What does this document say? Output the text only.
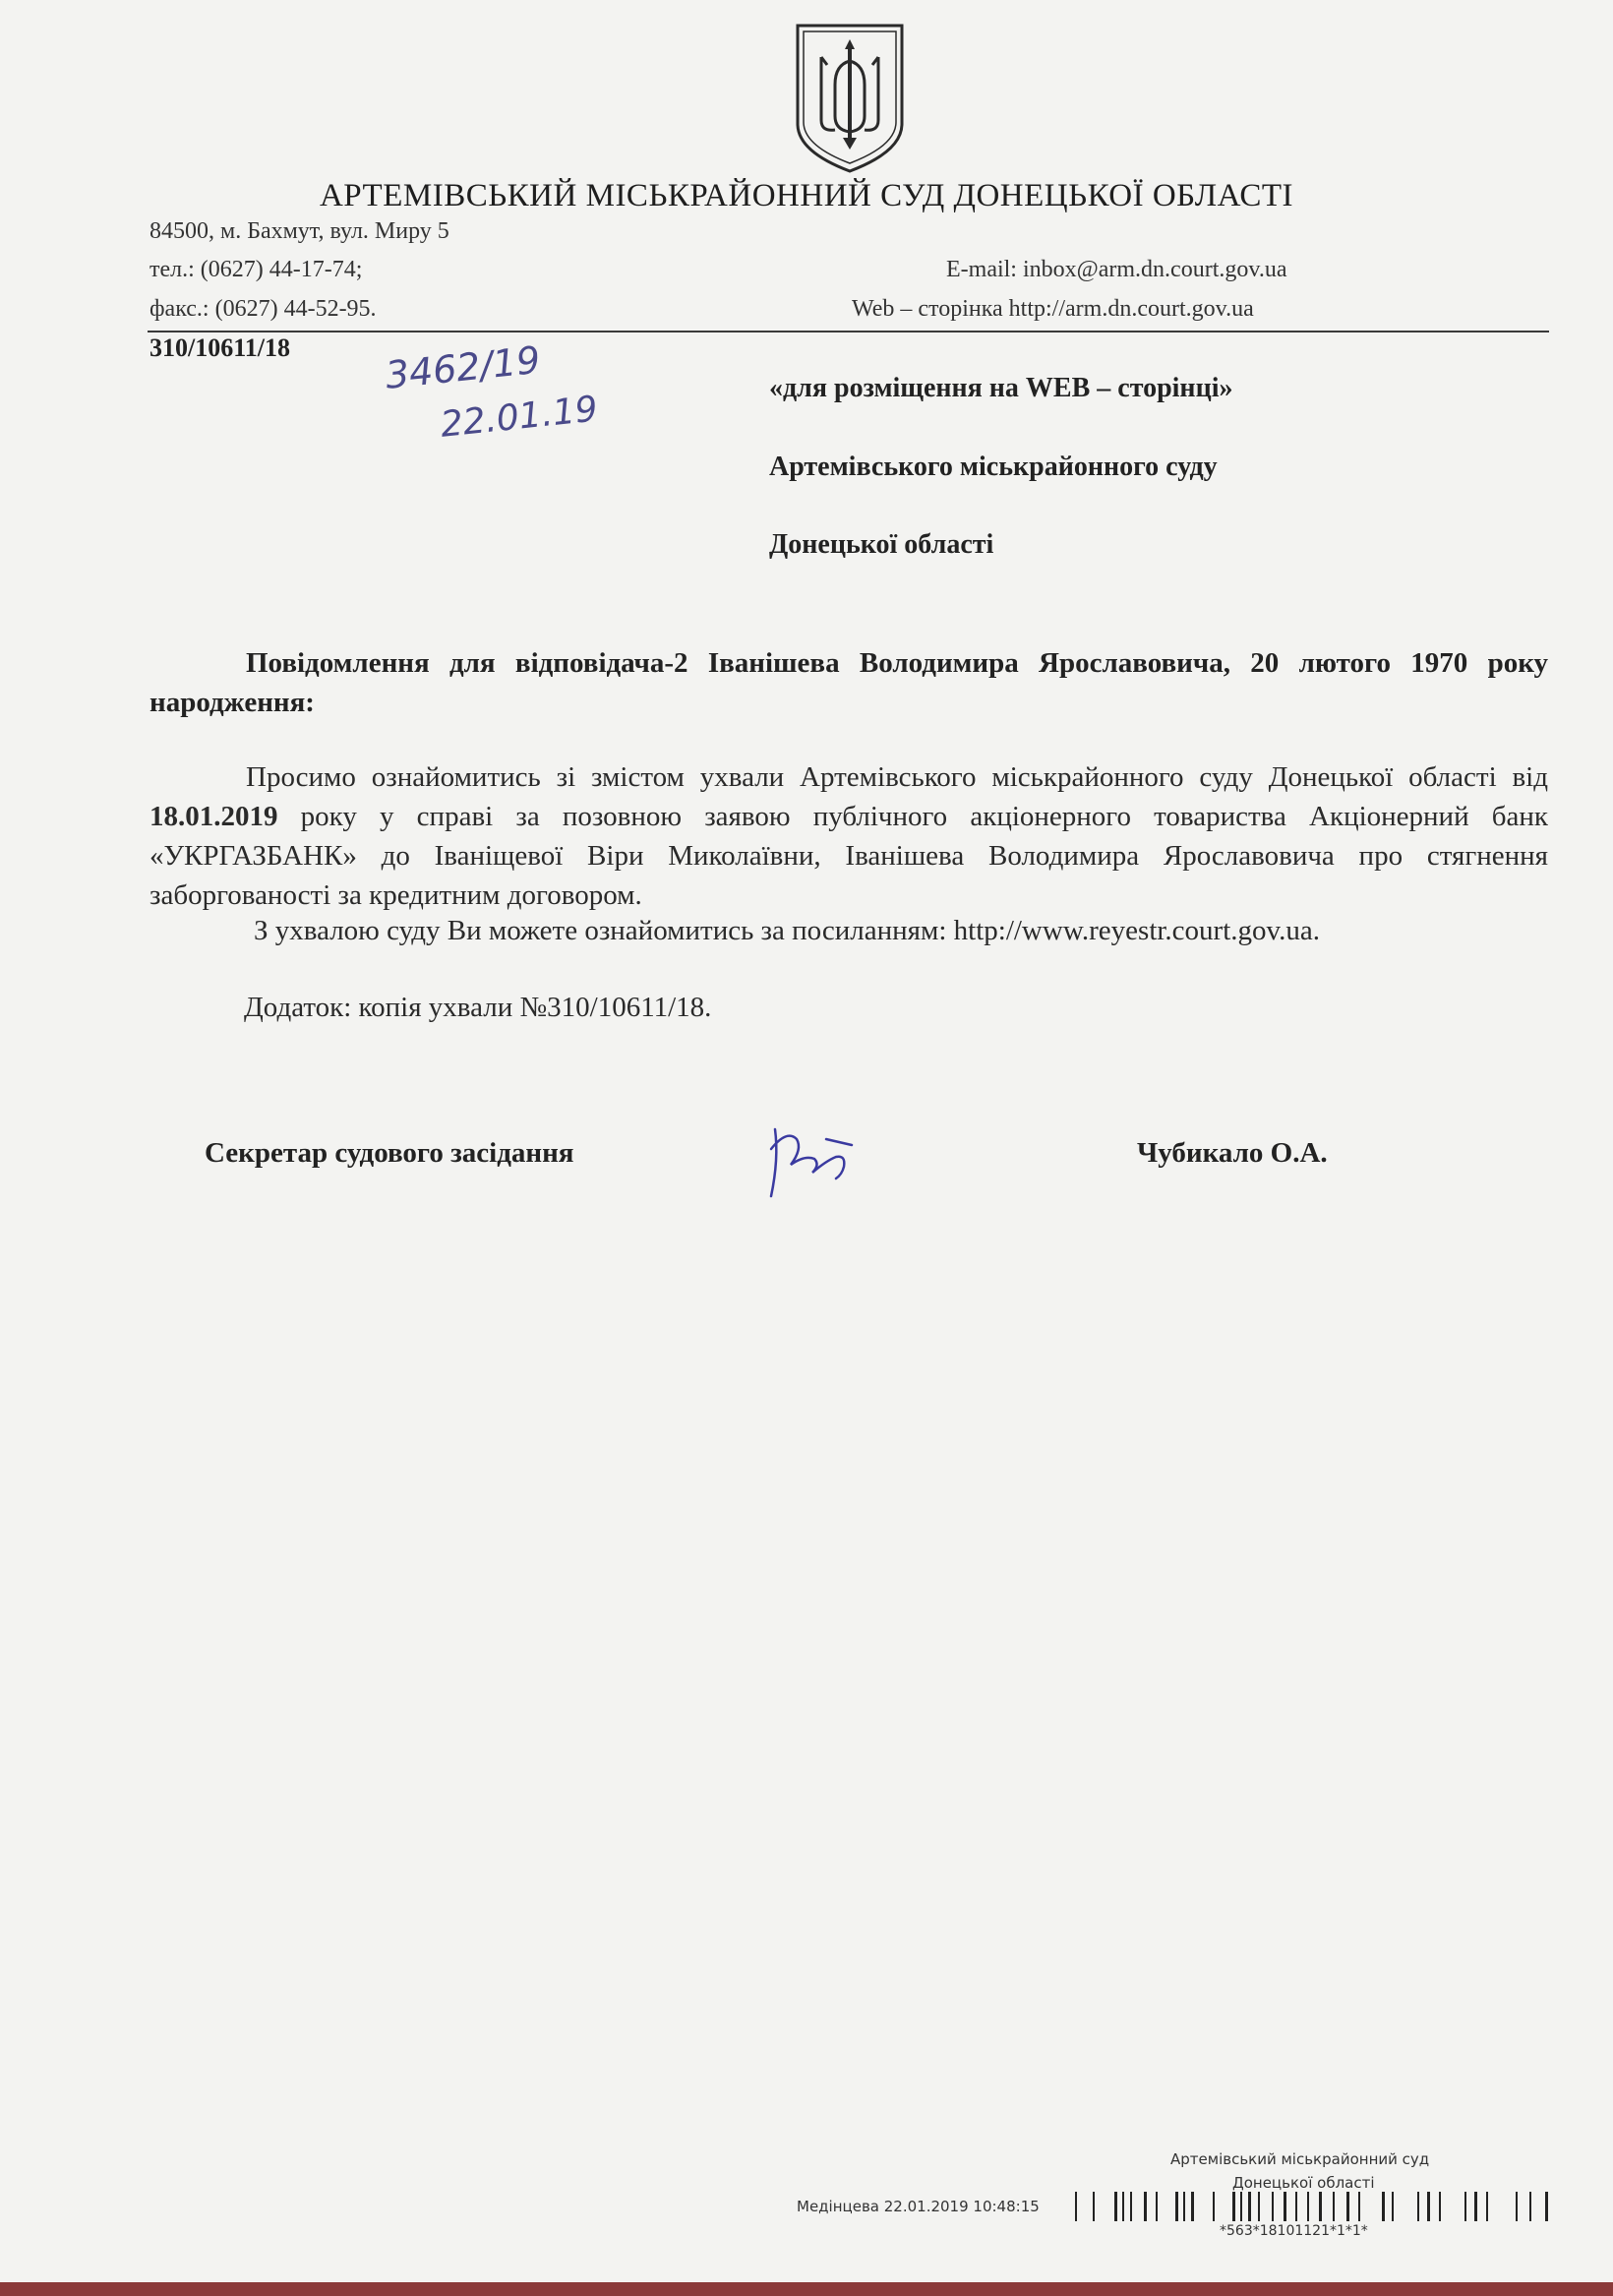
АРТЕМІВСЬКИЙ МІСЬКРАЙОННИЙ СУД ДОНЕЦЬКОЇ ОБЛАСТІ
84500, м. Бахмут, вул. Миру 5
тел.: (0627) 44-17-74;
факс.: (0627) 44-52-95.
E-mail: inbox@arm.dn.court.gov.ua
Web – сторінка http://arm.dn.court.gov.ua
310/10611/18 3462/19
22.01.19
«для розміщення на WEB – сторінці»
Артемівського міськрайонного суду
Донецької області
Повідомлення для відповідача-2 Іванішева Володимира Ярославовича, 20 лютого 1970 року народження:
Просимо ознайомитись зі змістом ухвали Артемівського міськрайонного суду Донецької області від 18.01.2019 року у справі за позовною заявою публічного акціонерного товариства Акціонерний банк «УКРГАЗБАНК» до Іваніщевої Віри Миколаївни, Іванішева Володимира Ярославовича про стягнення заборгованості за кредитним договором.
З ухвалою суду Ви можете ознайомитись за посиланням: http://www.reyestr.court.gov.ua.
Додаток: копія ухвали №310/10611/18.
Секретар судового засідання	Чубикало О.А.
Артемівський міськрайонний суд
Донецької області
Медінцева 22.01.2019 10:48:15
*563*18101121*1*1*
